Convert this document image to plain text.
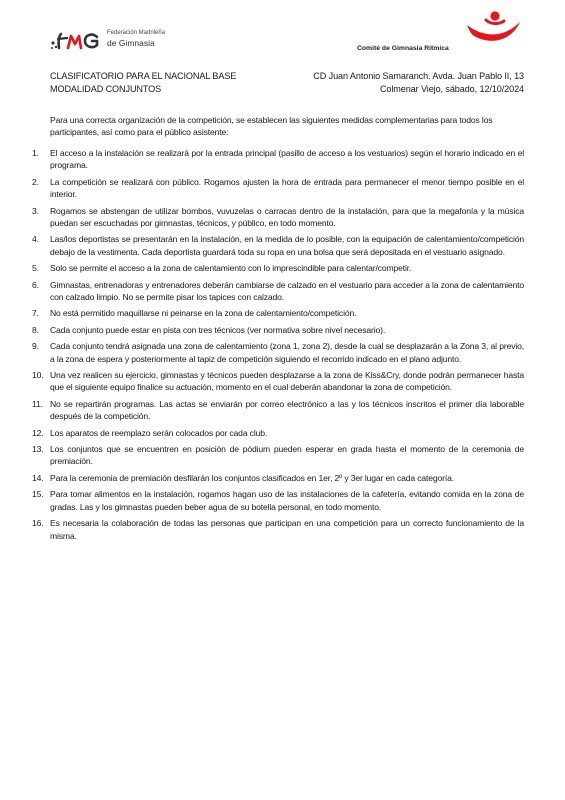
Federación Madrileña
de Gimnasia
Comité de Gimnasia Rítmica
CLASIFICATORIO PARA EL NACIONAL BASE
MODALIDAD CONJUNTOS
CD Juan Antonio Samaranch. Avda. Juan Pablo II, 13
Colmenar Viejo, sábado, 12/10/2024
Para una correcta organización de la competición, se establecen las siguientes medidas complementarias para todos los participantes, así como para el público asistente:
1. El acceso a la instalación se realizará por la entrada principal (pasillo de acceso a los vestuarios) según el horario indicado en el programa.
2. La competición se realizará con público. Rogamos ajusten la hora de entrada para permanecer el menor tiempo posible en el interior.
3. Rogamos se abstengan de utilizar bombos, vuvuzelas o carracas dentro de la instalación, para que la megafonía y la música puedan ser escuchadas por gimnastas, técnicos, y público, en todo momento.
4. Las/los deportistas se presentarán en la instalación, en la medida de lo posible, con la equipación de calentamiento/competición debajo de la vestimenta. Cada deportista guardará toda su ropa en una bolsa que será depositada en el vestuario asignado.
5. Solo se permite el acceso a la zona de calentamiento con lo imprescindible para calentar/competir.
6. Gimnastas, entrenadoras y entrenadores deberán cambiarse de calzado en el vestuario para acceder a la zona de calentamiento con calzado limpio. No se permite pisar los tapices con calzado.
7. No está permitido maquillarse ni peinarse en la zona de calentamiento/competición.
8. Cada conjunto puede estar en pista con tres técnicos (ver normativa sobre nivel necesario).
9. Cada conjunto tendrá asignada una zona de calentamiento (zona 1, zona 2), desde la cual se desplazarán a la Zona 3, al previo, a la zona de espera y posteriormente al tapiz de competición siguiendo el recorrido indicado en el plano adjunto.
10. Una vez realicen su ejercicio, gimnastas y técnicos pueden desplazarse a la zona de Kiss&Cry, donde podrán permanecer hasta que el siguiente equipo finalice su actuación, momento en el cual deberán abandonar la zona de competición.
11. No se repartirán programas. Las actas se enviarán por correo electrónico a las y los técnicos inscritos el primer día laborable después de la competición.
12. Los aparatos de reemplazo serán colocados por cada club.
13. Los conjuntos que se encuentren en posición de pódium pueden esperar en grada hasta el momento de la ceremonia de premiación.
14. Para la ceremonia de premiación desfilarán los conjuntos clasificados en 1er, 2º y 3er lugar en cada categoría.
15. Para tomar alimentos en la instalación, rogamos hagan uso de las instalaciones de la cafetería, evitando comida en la zona de gradas. Las y los gimnastas pueden beber agua de su botella personal, en todo momento.
16. Es necesaria la colaboración de todas las personas que participan en una competición para un correcto funcionamiento de la misma.
